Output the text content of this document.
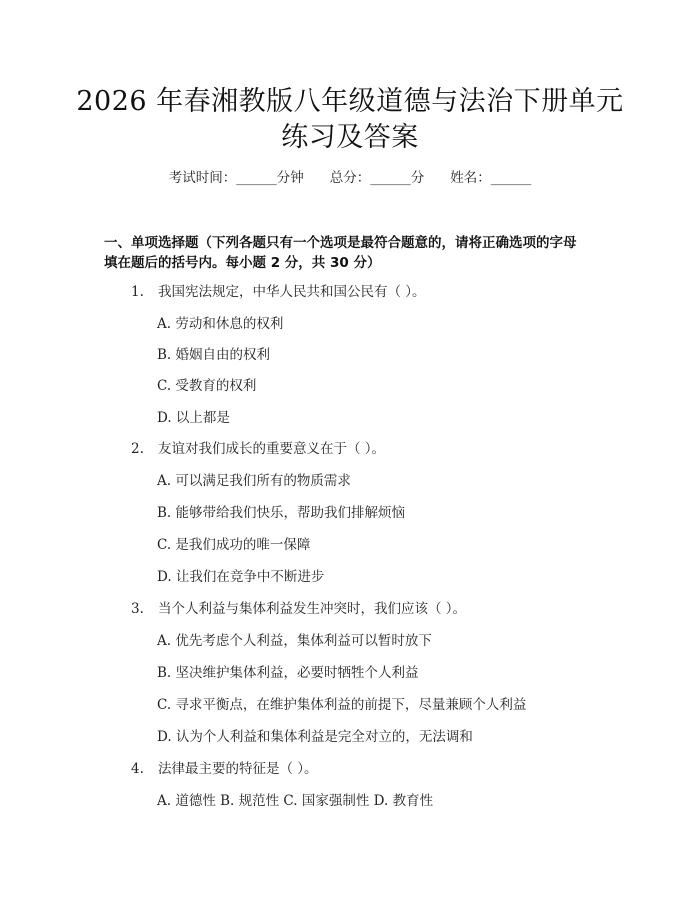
2026 年春湘教版八年级道德与法治下册单元
练习及答案
考试时间：______分钟 总分：______分 姓名：______
一、单项选择题（下列各题只有一个选项是最符合题意的，请将正确选项的字母
填在题后的括号内。每小题 2 分，共 30 分）
1. 我国宪法规定，中华人民共和国公民有（ ）。
A. 劳动和休息的权利
B. 婚姻自由的权利
C. 受教育的权利
D. 以上都是
2. 友谊对我们成长的重要意义在于（ ）。
A. 可以满足我们所有的物质需求
B. 能够带给我们快乐，帮助我们排解烦恼
C. 是我们成功的唯一保障
D. 让我们在竞争中不断进步
3. 当个人利益与集体利益发生冲突时，我们应该（ ）。
A. 优先考虑个人利益，集体利益可以暂时放下
B. 坚决维护集体利益，必要时牺牲个人利益
C. 寻求平衡点，在维护集体利益的前提下，尽量兼顾个人利益
D. 认为个人利益和集体利益是完全对立的，无法调和
4. 法律最主要的特征是（ ）。
A. 道德性 B. 规范性 C. 国家强制性 D. 教育性
